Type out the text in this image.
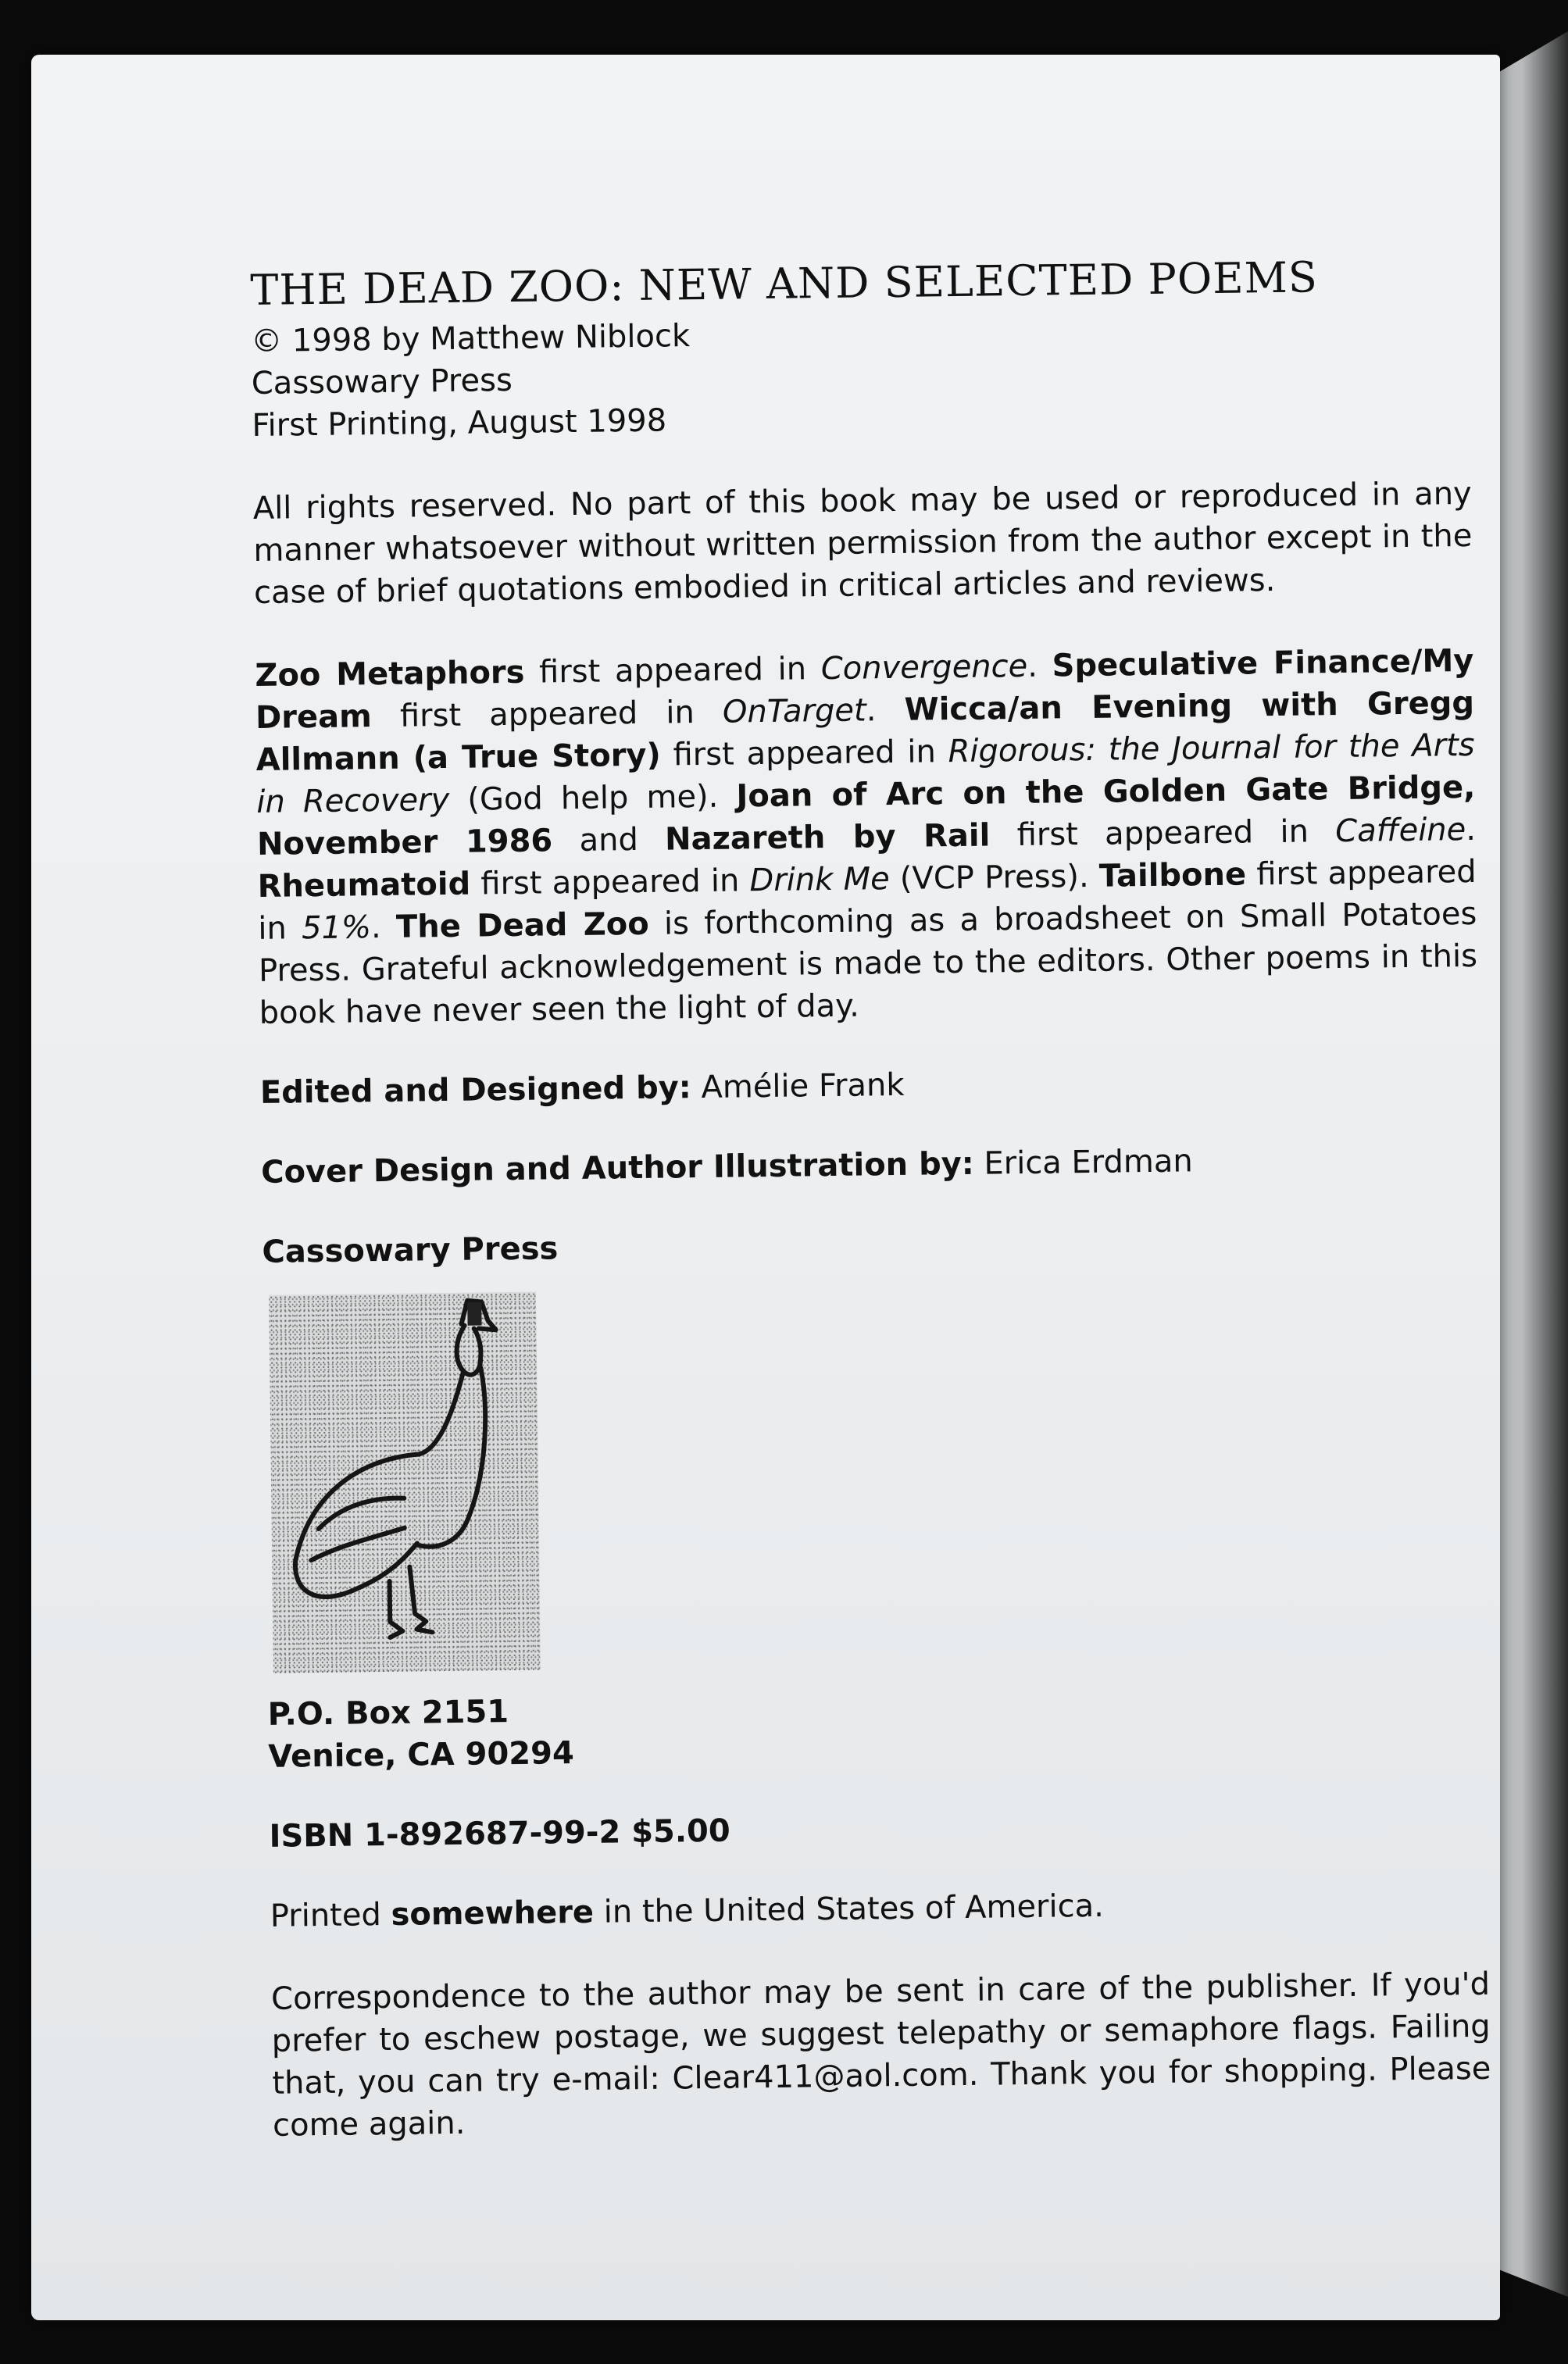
THE DEAD ZOO: NEW AND SELECTED POEMS

© 1998 by Matthew Niblock

Cassowary Press

First Printing, August 1998

All rights reserved. No part of this book may be used or reproduced in any manner whatsoever without written permission from the author except in the case of brief quotations embodied in critical articles and reviews.

Zoo Metaphors first appeared in Convergence. Speculative Finance/My Dream first appeared in OnTarget. Wicca/an Evening with Gregg Allmann (a True Story) first appeared in Rigorous: the Journal for the Arts in Recovery (God help me). Joan of Arc on the Golden Gate Bridge, November 1986 and Nazareth by Rail first appeared in Caffeine. Rheumatoid first appeared in Drink Me (VCP Press). Tailbone first appeared in 51%. The Dead Zoo is forthcoming as a broadsheet on Small Potatoes Press. Grateful acknowledgement is made to the editors. Other poems in this book have never seen the light of day.

Edited and Designed by: Amélie Frank

Cover Design and Author Illustration by: Erica Erdman

Cassowary Press

P.O. Box 2151

Venice, CA 90294

ISBN 1-892687-99-2 $5.00

Printed somewhere in the United States of America.

Correspondence to the author may be sent in care of the publisher. If you'd prefer to eschew postage, we suggest telepathy or semaphore flags. Failing that, you can try e-mail: Clear411@aol.com. Thank you for shopping. Please come again.
